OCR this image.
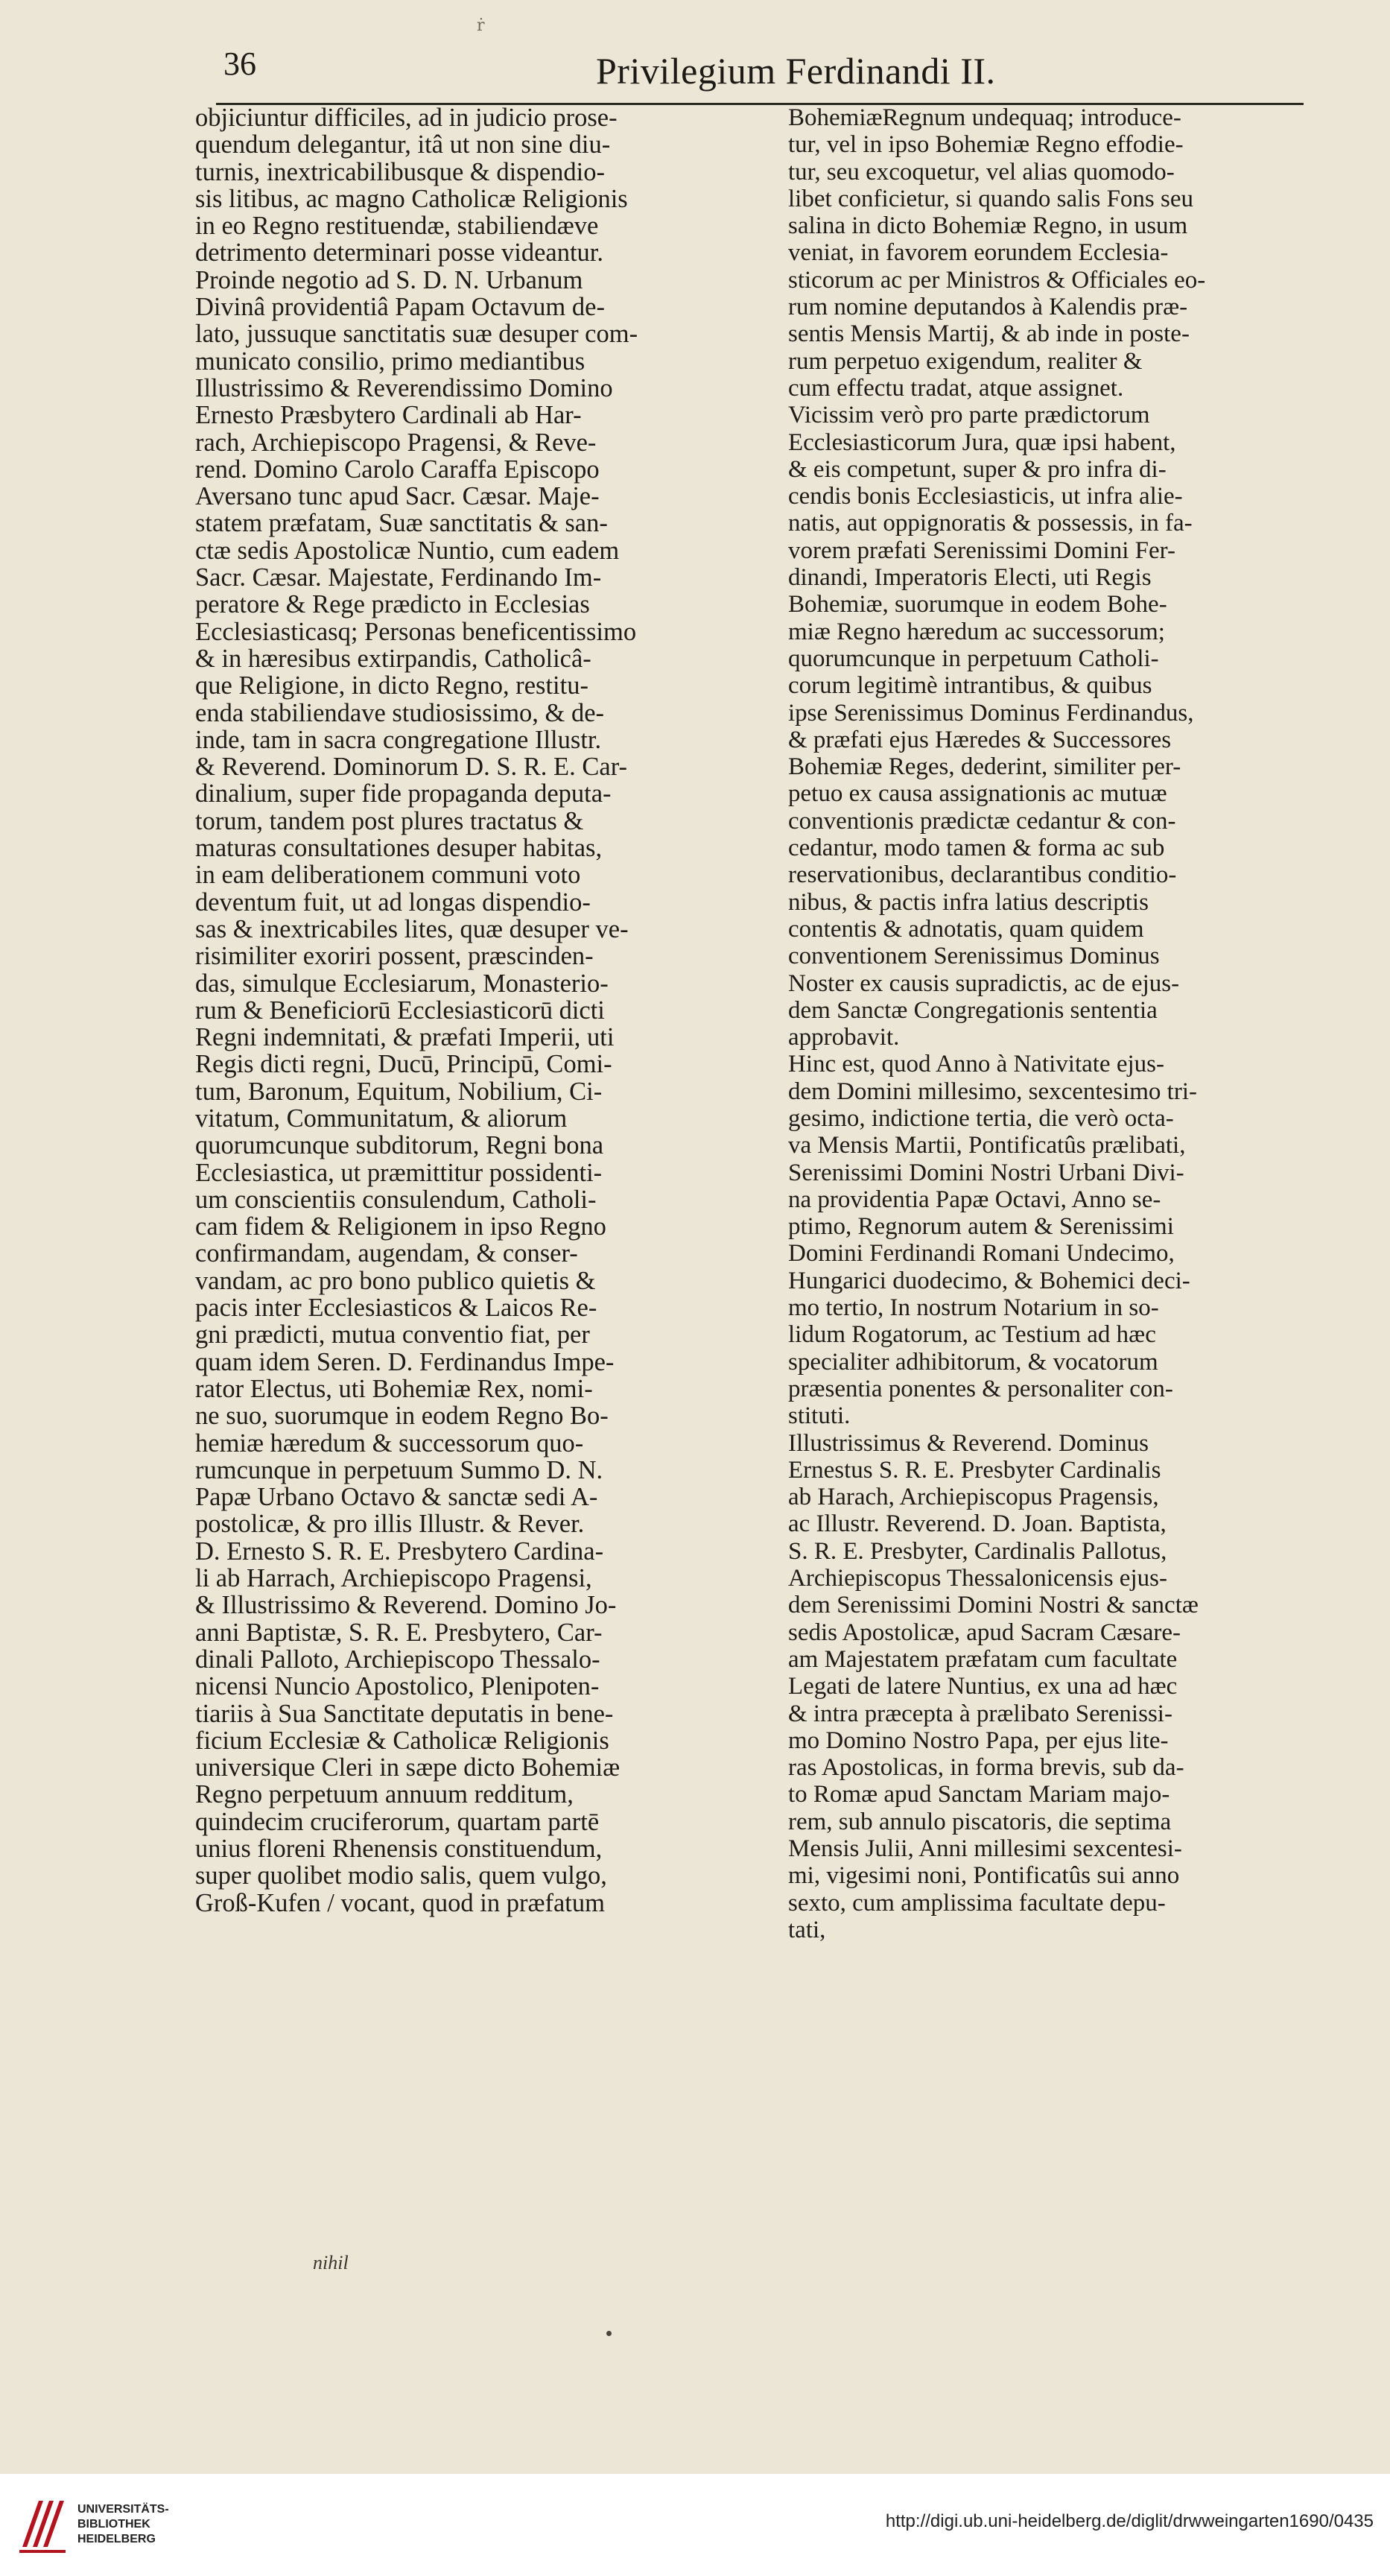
ṙ
36	Privilegium Ferdinandi II.
objiciuntur difficiles, ad in judicio prose-
quendum delegantur, itâ ut non sine diu-
turnis, inextricabilibusque & dispendio-
sis litibus, ac magno Catholicæ Religionis
in eo Regno restituendæ, stabiliendæve
detrimento determinari posse videantur.
Proinde negotio ad S. D. N. Urbanum
Divinâ providentiâ Papam Octavum de-
lato, jussuque sanctitatis suæ desuper com-
municato consilio, primo mediantibus
Illustrissimo & Reverendissimo Domino
Ernesto Præsbytero Cardinali ab Har-
rach, Archiepiscopo Pragensi, & Reve-
rend. Domino Carolo Caraffa Episcopo
Aversano tunc apud Sacr. Cæsar. Maje-
statem præfatam, Suæ sanctitatis & san-
ctæ sedis Apostolicæ Nuntio, cum eadem
Sacr. Cæsar. Majestate, Ferdinando Im-
peratore & Rege prædicto in Ecclesias
Ecclesiasticasq; Personas beneficentissimo
& in hæresibus extirpandis, Catholicâ-
que Religione, in dicto Regno, restitu-
enda stabiliendave studiosissimo, & de-
inde, tam in sacra congregatione Illustr.
& Reverend. Dominorum D. S. R. E. Car-
dinalium, super fide propaganda deputa-
torum, tandem post plures tractatus &
maturas consultationes desuper habitas,
in eam deliberationem communi voto
deventum fuit, ut ad longas dispendio-
sas & inextricabiles lites, quæ desuper ve-
risimiliter exoriri possent, præscinden-
das, simulque Ecclesiarum, Monasterio-
rum & Beneficiorū Ecclesiasticorū dicti
Regni indemnitati, & præfati Imperii, uti
Regis dicti regni, Ducū, Principū, Comi-
tum, Baronum, Equitum, Nobilium, Ci-
vitatum, Communitatum, & aliorum
quorumcunque subditorum, Regni bona
Ecclesiastica, ut præmittitur possidenti-
um conscientiis consulendum, Catholi-
cam fidem & Religionem in ipso Regno
confirmandam, augendam, & conser-
vandam, ac pro bono publico quietis &
pacis inter Ecclesiasticos & Laicos Re-
gni prædicti, mutua conventio fiat, per
quam idem Seren. D. Ferdinandus Impe-
rator Electus, uti Bohemiæ Rex, nomi-
ne suo, suorumque in eodem Regno Bo-
hemiæ hæredum & successorum quo-
rumcunque in perpetuum Summo D. N.
Papæ Urbano Octavo & sanctæ sedi A-
postolicæ, & pro illis Illustr. & Rever.
D. Ernesto S. R. E. Presbytero Cardina-
li ab Harrach, Archiepiscopo Pragensi,
& Illustrissimo & Reverend. Domino Jo-
anni Baptistæ, S. R. E. Presbytero, Car-
dinali Palloto, Archiepiscopo Thessalo-
nicensi Nuncio Apostolico, Plenipoten-
tiariis à Sua Sanctitate deputatis in bene-
ficium Ecclesiæ & Catholicæ Religionis
universique Cleri in sæpe dicto Bohemiæ
Regno perpetuum annuum redditum,
quindecim cruciferorum, quartam partē
unius floreni Rhenensis constituendum,
super quolibet modio salis, quem vulgo,
Groß-Kufen / vocant, quod in præfatum
BohemiæRegnum undequaq; introduce-
tur, vel in ipso Bohemiæ Regno effodie-
tur, seu excoquetur, vel alias quomodo-
libet conficietur, si quando salis Fons seu
salina in dicto Bohemiæ Regno, in usum
veniat, in favorem eorundem Ecclesia-
sticorum ac per Ministros & Officiales eo-
rum nomine deputandos à Kalendis præ-
sentis Mensis Martij, & ab inde in poste-
rum perpetuo exigendum, realiter &
cum effectu tradat, atque assignet.
Vicissim verò pro parte prædictorum
Ecclesiasticorum Jura, quæ ipsi habent,
& eis competunt, super & pro infra di-
cendis bonis Ecclesiasticis, ut infra alie-
natis, aut oppignoratis & possessis, in fa-
vorem præfati Serenissimi Domini Fer-
dinandi, Imperatoris Electi, uti Regis
Bohemiæ, suorumque in eodem Bohe-
miæ Regno hæredum ac successorum;
quorumcunque in perpetuum Catholi-
corum legitimè intrantibus, & quibus
ipse Serenissimus Dominus Ferdinandus,
& præfati ejus Hæredes & Successores
Bohemiæ Reges, dederint, similiter per-
petuo ex causa assignationis ac mutuæ
conventionis prædictæ cedantur & con-
cedantur, modo tamen & forma ac sub
reservationibus, declarantibus conditio-
nibus, & pactis infra latius descriptis
contentis & adnotatis, quam quidem
conventionem Serenissimus Dominus
Noster ex causis supradictis, ac de ejus-
dem Sanctæ Congregationis sententia
approbavit.
Hinc est, quod Anno à Nativitate ejus-
dem Domini millesimo, sexcentesimo tri-
gesimo, indictione tertia, die verò octa-
va Mensis Martii, Pontificatûs prælibati,
Serenissimi Domini Nostri Urbani Divi-
na providentia Papæ Octavi, Anno se-
ptimo, Regnorum autem & Serenissimi
Domini Ferdinandi Romani Undecimo,
Hungarici duodecimo, & Bohemici deci-
mo tertio, In nostrum Notarium in so-
lidum Rogatorum, ac Testium ad hæc
specialiter adhibitorum, & vocatorum
præsentia ponentes & personaliter con-
stituti.
Illustrissimus & Reverend. Dominus
Ernestus S. R. E. Presbyter Cardinalis
ab Harach, Archiepiscopus Pragensis,
ac Illustr. Reverend. D. Joan. Baptista,
S. R. E. Presbyter, Cardinalis Pallotus,
Archiepiscopus Thessalonicensis ejus-
dem Serenissimi Domini Nostri & sanctæ
sedis Apostolicæ, apud Sacram Cæsare-
am Majestatem præfatam cum facultate
Legati de latere Nuntius, ex una ad hæc
& intra præcepta à prælibato Serenissi-
mo Domino Nostro Papa, per ejus lite-
ras Apostolicas, in forma brevis, sub da-
to Romæ apud Sanctam Mariam majo-
rem, sub annulo piscatoris, die septima
Mensis Julii, Anni millesimi sexcentesi-
mi, vigesimi noni, Pontificatûs sui anno
sexto, cum amplissima facultate depu-
tati,
nihil
UNIVERSITÄTS-
BIBLIOTHEK
HEIDELBERG
http://digi.ub.uni-heidelberg.de/diglit/drwweingarten1690/0435
